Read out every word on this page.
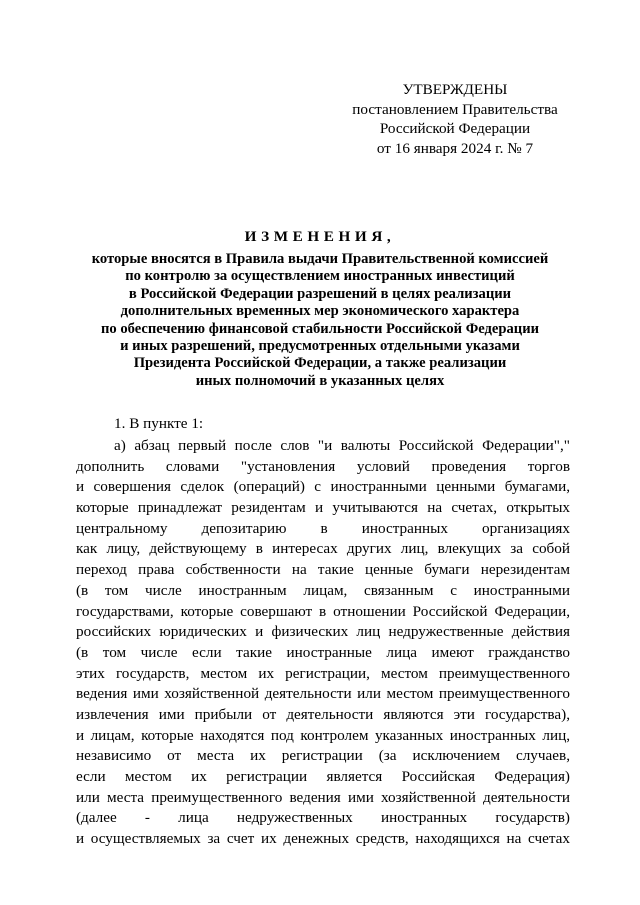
УТВЕРЖДЕНЫ
постановлением Правительства
Российской Федерации
от 16 января 2024 г. № 7
ИЗМЕНЕНИЯ,
которые вносятся в Правила выдачи Правительственной комиссией
по контролю за осуществлением иностранных инвестиций
в Российской Федерации разрешений в целях реализации
дополнительных временных мер экономического характера
по обеспечению финансовой стабильности Российской Федерации
и иных разрешений, предусмотренных отдельными указами
Президента Российской Федерации, а также реализации
иных полномочий в указанных целях
1. В пункте 1:
а) абзац первый после слов "и валюты Российской Федерации","
дополнить словами "установления условий проведения торгов
и совершения сделок (операций) с иностранными ценными бумагами,
которые принадлежат резидентам и учитываются на счетах, открытых
центральному депозитарию в иностранных организациях
как лицу, действующему в интересах других лиц, влекущих за собой
переход права собственности на такие ценные бумаги нерезидентам
(в том числе иностранным лицам, связанным с иностранными
государствами, которые совершают в отношении Российской Федерации,
российских юридических и физических лиц недружественные действия
(в том числе если такие иностранные лица имеют гражданство
этих государств, местом их регистрации, местом преимущественного
ведения ими хозяйственной деятельности или местом преимущественного
извлечения ими прибыли от деятельности являются эти государства),
и лицам, которые находятся под контролем указанных иностранных лиц,
независимо от места их регистрации (за исключением случаев,
если местом их регистрации является Российская Федерация)
или места преимущественного ведения ими хозяйственной деятельности
(далее - лица недружественных иностранных государств)
и осуществляемых за счет их денежных средств, находящихся на счетах
